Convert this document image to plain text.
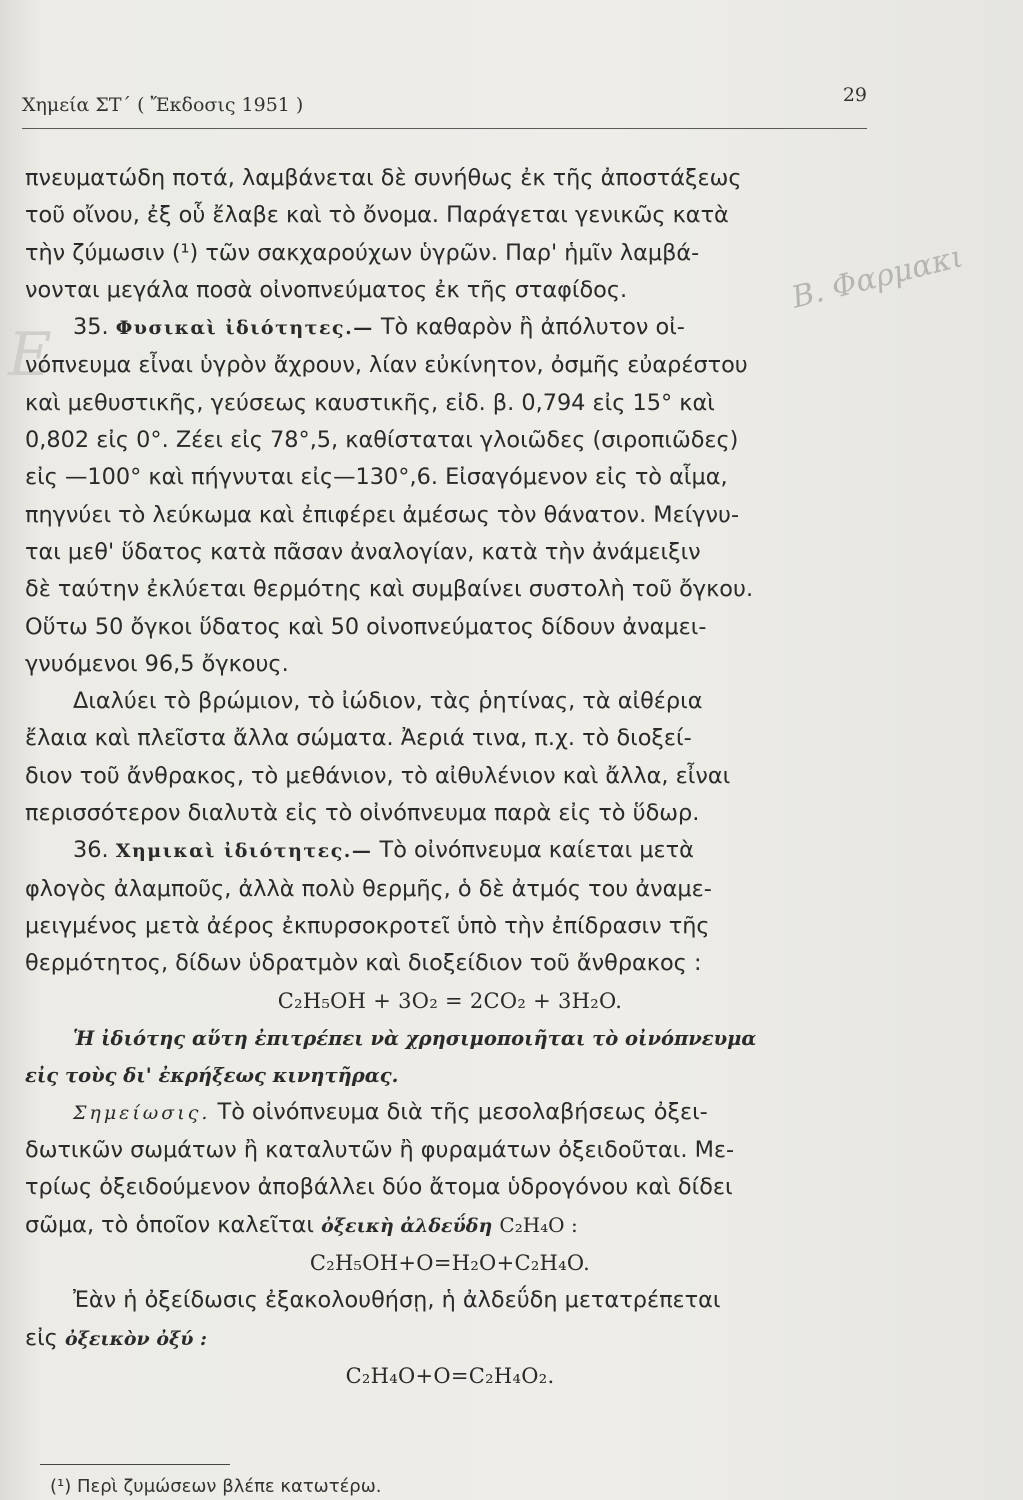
Χημεία ΣΤ΄ ( Ἔκδοσις 1951 )	29
Ε
Β. Φαρμακι

πνευματώδη ποτά, λαμβάνεται δὲ συνήθως ἐκ τῆς ἀποστάξεως
τοῦ οἴνου, ἐξ οὗ ἔλαβε καὶ τὸ ὄνομα. Παράγεται γενικῶς κατὰ
τὴν ζύμωσιν (¹) τῶν σακχαρούχων ὑγρῶν. Παρ' ἡμῖν λαμβά-
νονται μεγάλα ποσὰ οἰνοπνεύματος ἐκ τῆς σταφίδος.

35. Φυσικαὶ ἰδιότητες.— Τὸ καθαρὸν ἢ ἀπόλυτον οἰ-
νόπνευμα εἶναι ὑγρὸν ἄχρουν, λίαν εὐκίνητον, ὀσμῆς εὐαρέστου
καὶ μεθυστικῆς, γεύσεως καυστικῆς, εἰδ. β. 0,794 εἰς 15° καὶ
0,802 εἰς 0°. Ζέει εἰς 78°,5, καθίσταται γλοιῶδες (σιροπιῶδες)
εἰς —100° καὶ πήγνυται εἰς—130°,6. Εἰσαγόμενον εἰς τὸ αἷμα,
πηγνύει τὸ λεύκωμα καὶ ἐπιφέρει ἀμέσως τὸν θάνατον. Μείγνυ-
ται μεθ' ὕδατος κατὰ πᾶσαν ἀναλογίαν, κατὰ τὴν ἀνάμειξιν
δὲ ταύτην ἐκλύεται θερμότης καὶ συμβαίνει συστολὴ τοῦ ὄγκου.
Οὕτω 50 ὄγκοι ὕδατος καὶ 50 οἰνοπνεύματος δίδουν ἀναμει-
γνυόμενοι 96,5 ὄγκους.

Διαλύει τὸ βρώμιον, τὸ ἰώδιον, τὰς ῥητίνας, τὰ αἰθέρια
ἔλαια καὶ πλεῖστα ἄλλα σώματα. Ἀεριά τινα, π.χ. τὸ διοξεί-
διον τοῦ ἄνθρακος, τὸ μεθάνιον, τὸ αἰθυλένιον καὶ ἄλλα, εἶναι
περισσότερον διαλυτὰ εἰς τὸ οἰνόπνευμα παρὰ εἰς τὸ ὕδωρ.

36. Χημικαὶ ἰδιότητες.— Τὸ οἰνόπνευμα καίεται μετὰ
φλογὸς ἀλαμποῦς, ἀλλὰ πολὺ θερμῆς, ὁ δὲ ἀτμός του ἀναμε-
μειγμένος μετὰ ἀέρος ἐκπυρσοκροτεῖ ὑπὸ τὴν ἐπίδρασιν τῆς
θερμότητος, δίδων ὑδρατμὸν καὶ διοξείδιον τοῦ ἄνθρακος :

C₂H₅OH + 3O₂ = 2CO₂ + 3H₂O.

Ἡ ἰδιότης αὕτη ἐπιτρέπει νὰ χρησιμοποιῆται τὸ οἰνόπνευμα
εἰς τοὺς δι' ἐκρήξεως κινητῆρας.

Σημείωσις. Τὸ οἰνόπνευμα διὰ τῆς μεσολαβήσεως ὀξει-
δωτικῶν σωμάτων ἢ καταλυτῶν ἢ φυραμάτων ὀξειδοῦται. Με-
τρίως ὀξειδούμενον ἀποβάλλει δύο ἄτομα ὑδρογόνου καὶ δίδει
σῶμα, τὸ ὁποῖον καλεῖται ὀξεικὴ ἀλδεΰδη C₂H₄O :

C₂H₅OH+O=H₂O+C₂H₄O.

Ἐὰν ἡ ὀξείδωσις ἐξακολουθήσῃ, ἡ ἀλδεΰδη μετατρέπεται
εἰς ὀξεικὸν ὀξύ :

C₂H₄O+O=C₂H₄O₂.

(¹) Περὶ ζυμώσεων βλέπε κατωτέρω.
